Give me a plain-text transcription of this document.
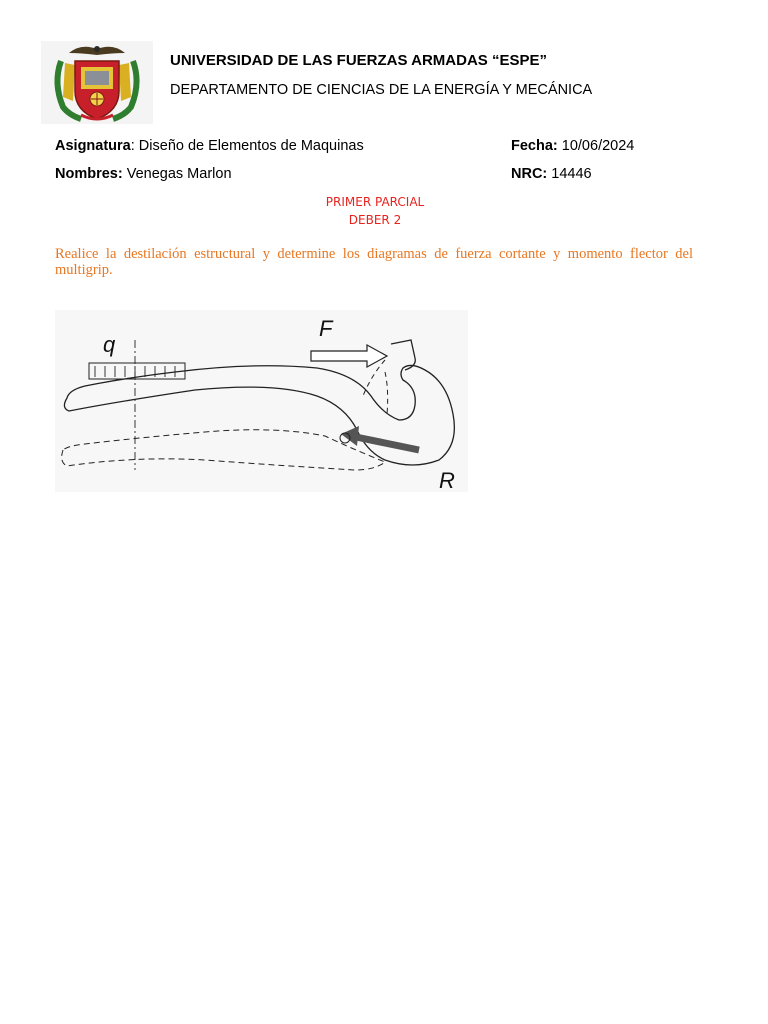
UNIVERSIDAD DE LAS FUERZAS ARMADAS “ESPE”
DEPARTAMENTO DE CIENCIAS DE LA ENERGÍA Y MECÁNICA
Asignatura: Diseño de Elementos de Maquinas	Fecha: 10/06/2024
Nombres: Venegas Marlon	NRC: 14446
PRIMER PARCIAL
DEBER 2
Realice la destilación estructural y determine los diagramas de fuerza cortante y momento flector del multigrip.
q
F
R
